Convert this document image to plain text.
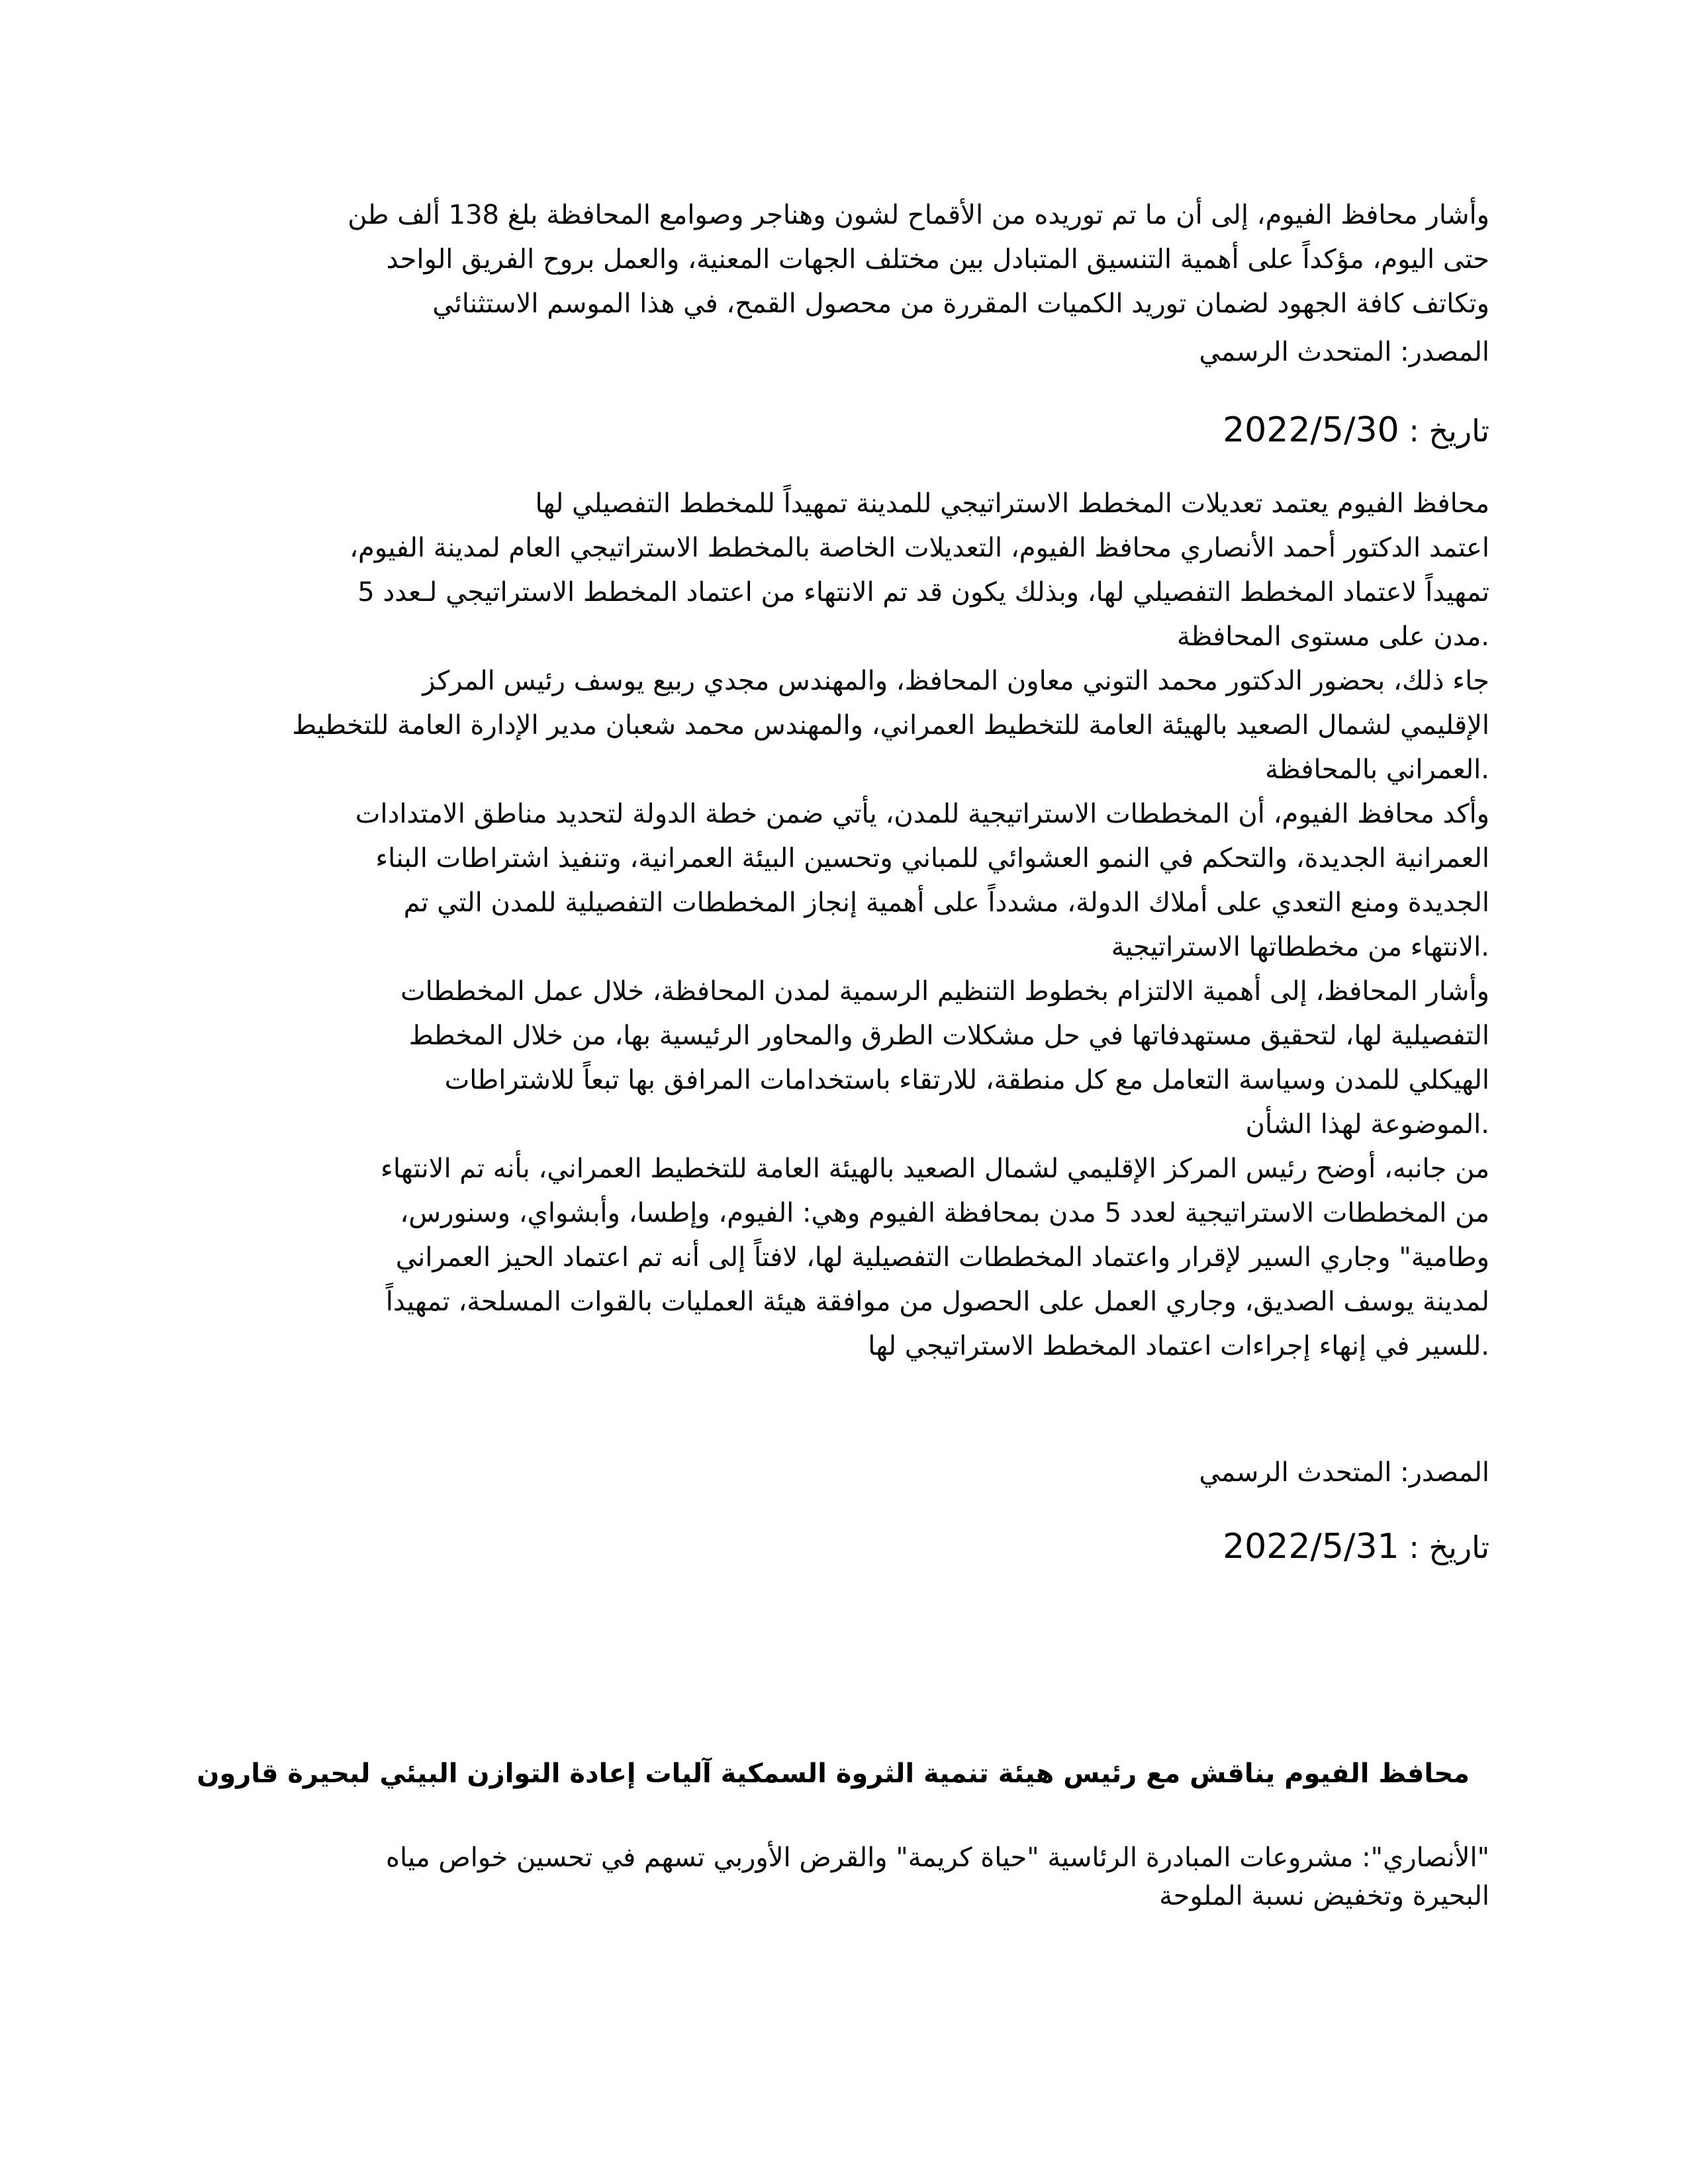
وأشار محافظ الفيوم، إلى أن ما تم توريده من الأقماح لشون وهناجر وصوامع المحافظة بلغ 138 ألف طن
حتى اليوم، مؤكداً على أهمية التنسيق المتبادل بين مختلف الجهات المعنية، والعمل بروح الفريق الواحد
وتكاتف كافة الجهود لضمان توريد الكميات المقررة من محصول القمح، في هذا الموسم الاستثنائي
المصدر: المتحدث الرسمي
تاريخ : 2022/5/30
محافظ الفيوم يعتمد تعديلات المخطط الاستراتيجي للمدينة تمهيداً للمخطط التفصيلي لها
اعتمد الدكتور أحمد الأنصاري محافظ الفيوم، التعديلات الخاصة بالمخطط الاستراتيجي العام لمدينة الفيوم،
تمهيداً لاعتماد المخطط التفصيلي لها، وبذلك يكون قد تم الانتهاء من اعتماد المخطط الاستراتيجي لـعدد 5
.مدن على مستوى المحافظة
جاء ذلك، بحضور الدكتور محمد التوني معاون المحافظ، والمهندس مجدي ربيع يوسف رئيس المركز
الإقليمي لشمال الصعيد بالهيئة العامة للتخطيط العمراني، والمهندس محمد شعبان مدير الإدارة العامة للتخطيط
.العمراني بالمحافظة
وأكد محافظ الفيوم، أن المخططات الاستراتيجية للمدن، يأتي ضمن خطة الدولة لتحديد مناطق الامتدادات
العمرانية الجديدة، والتحكم في النمو العشوائي للمباني وتحسين البيئة العمرانية، وتنفيذ اشتراطات البناء
الجديدة ومنع التعدي على أملاك الدولة، مشدداً على أهمية إنجاز المخططات التفصيلية للمدن التي تم
.الانتهاء من مخططاتها الاستراتيجية
وأشار المحافظ، إلى أهمية الالتزام بخطوط التنظيم الرسمية لمدن المحافظة، خلال عمل المخططات
التفصيلية لها، لتحقيق مستهدفاتها في حل مشكلات الطرق والمحاور الرئيسية بها، من خلال المخطط
الهيكلي للمدن وسياسة التعامل مع كل منطقة، للارتقاء باستخدامات المرافق بها تبعاً للاشتراطات
.الموضوعة لهذا الشأن
من جانبه، أوضح رئيس المركز الإقليمي لشمال الصعيد بالهيئة العامة للتخطيط العمراني، بأنه تم الانتهاء
من المخططات الاستراتيجية لعدد 5 مدن بمحافظة الفيوم وهي: الفيوم، وإطسا، وأبشواي، وسنورس،
وطامية" وجاري السير لإقرار واعتماد المخططات التفصيلية لها، لافتاً إلى أنه تم اعتماد الحيز العمراني
لمدينة يوسف الصديق، وجاري العمل على الحصول من موافقة هيئة العمليات بالقوات المسلحة، تمهيداً
.للسير في إنهاء إجراءات اعتماد المخطط الاستراتيجي لها
المصدر: المتحدث الرسمي
تاريخ : 2022/5/31
محافظ الفيوم يناقش مع رئيس هيئة تنمية الثروة السمكية آليات إعادة التوازن البيئي لبحيرة قارون
"الأنصاري": مشروعات المبادرة الرئاسية "حياة كريمة" والقرض الأوربي تسهم في تحسين خواص مياه
البحيرة وتخفيض نسبة الملوحة
